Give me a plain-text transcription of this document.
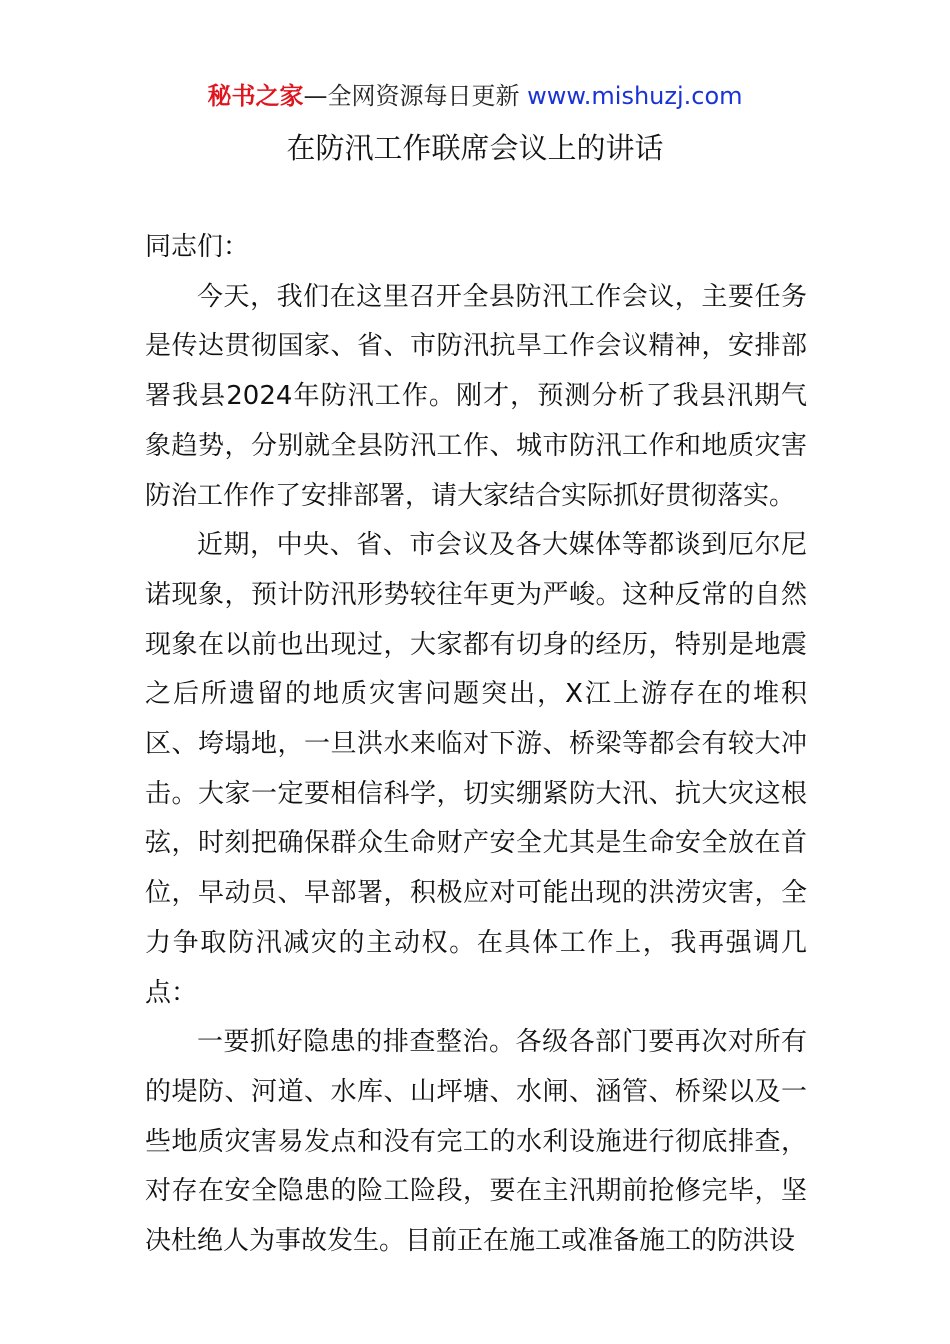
秘书之家—全网资源每日更新 www.mishuzj.com
在防汛工作联席会议上的讲话

同志们：

今天，我们在这里召开全县防汛工作会议，主要任务是传达贯彻国家、省、市防汛抗旱工作会议精神，安排部署我县2024年防汛工作。刚才，预测分析了我县汛期气象趋势，分别就全县防汛工作、城市防汛工作和地质灾害防治工作作了安排部署，请大家结合实际抓好贯彻落实。

近期，中央、省、市会议及各大媒体等都谈到厄尔尼诺现象，预计防汛形势较往年更为严峻。这种反常的自然现象在以前也出现过，大家都有切身的经历，特别是地震之后所遗留的地质灾害问题突出，X江上游存在的堆积区、垮塌地，一旦洪水来临对下游、桥梁等都会有较大冲击。大家一定要相信科学，切实绷紧防大汛、抗大灾这根弦，时刻把确保群众生命财产安全尤其是生命安全放在首位，早动员、早部署，积极应对可能出现的洪涝灾害，全力争取防汛减灾的主动权。在具体工作上，我再强调几点：

一要抓好隐患的排查整治。各级各部门要再次对所有的堤防、河道、水库、山坪塘、水闸、涵管、桥梁以及一些地质灾害易发点和没有完工的水利设施进行彻底排查，对存在安全隐患的险工险段，要在主汛期前抢修完毕，坚决杜绝人为事故发生。目前正在施工或准备施工的防洪设
